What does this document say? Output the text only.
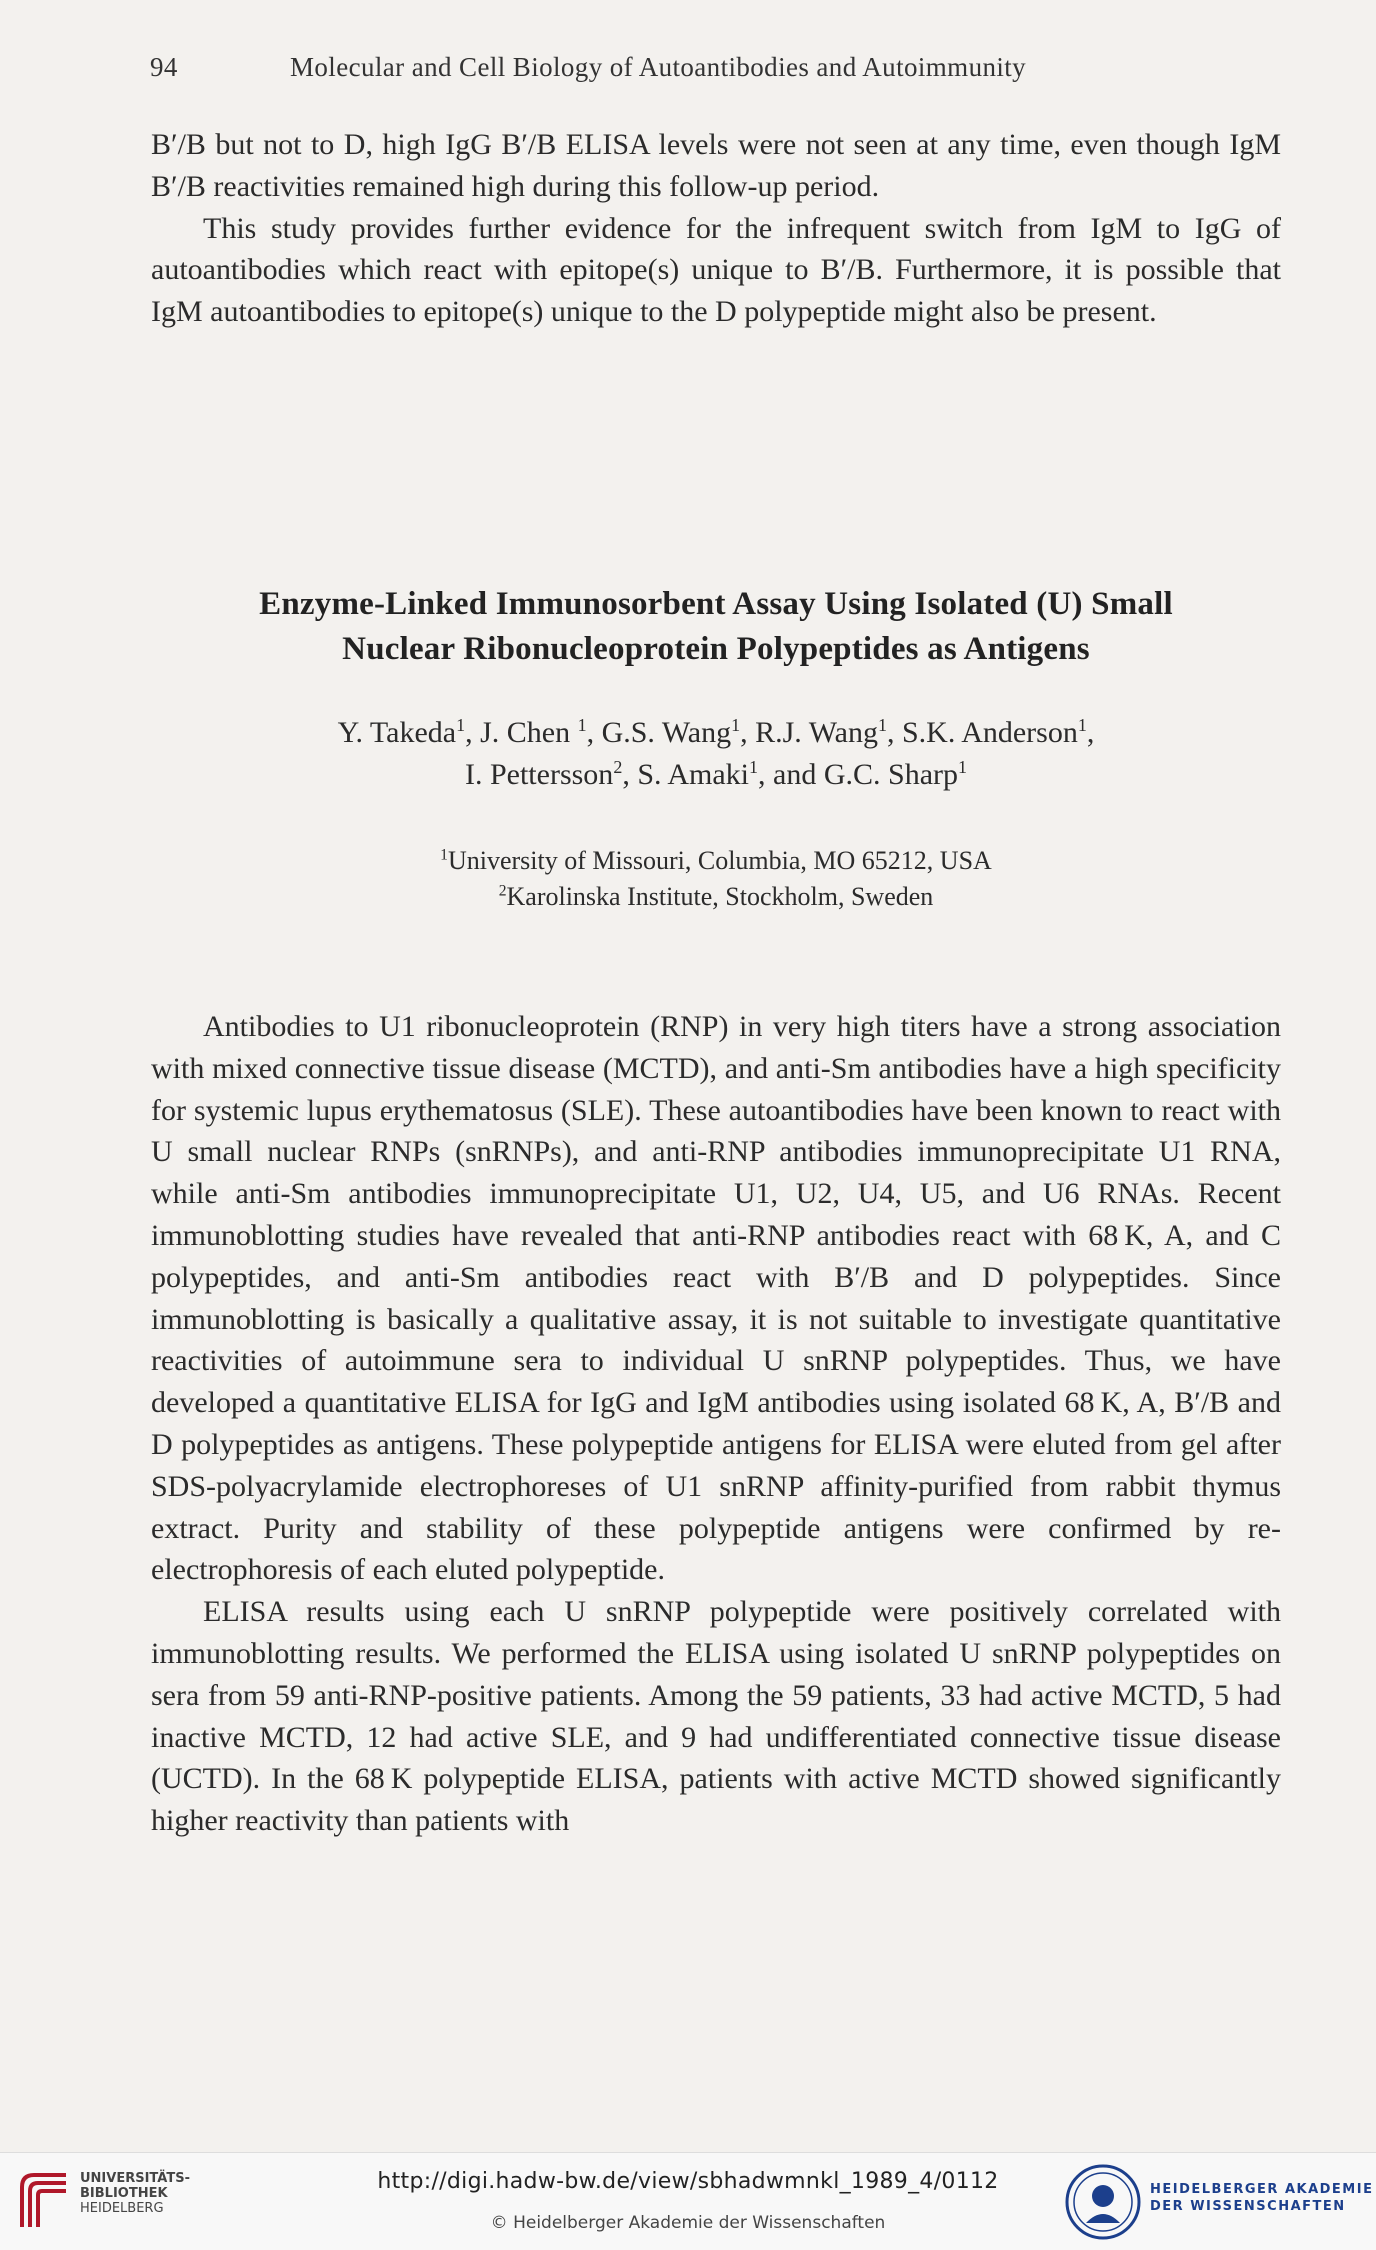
94	Molecular and Cell Biology of Autoantibodies and Autoimmunity

B′/B but not to D, high IgG B′/B ELISA levels were not seen at any time, even though IgM B′/B reactivities remained high during this follow-up period.

This study provides further evidence for the infrequent switch from IgM to IgG of autoantibodies which react with epitope(s) unique to B′/B. Furthermore, it is possible that IgM autoantibodies to epitope(s) unique to the D polypeptide might also be present.

Enzyme-Linked Immunosorbent Assay Using Isolated (U) Small
Nuclear Ribonucleoprotein Polypeptides as Antigens
Y. Takeda$^1$, J. Chen $^1$, G.S. Wang$^1$, R.J. Wang$^1$, S.K. Anderson$^1$,
I. Pettersson$^2$, S. Amaki$^1$, and G.C. Sharp$^1$
$^1$University of Missouri, Columbia, MO 65212, USA
$^2$Karolinska Institute, Stockholm, Sweden

Antibodies to U1 ribonucleoprotein (RNP) in very high titers have a strong association with mixed connective tissue disease (MCTD), and anti-Sm antibodies have a high specificity for systemic lupus erythematosus (SLE). These autoantibodies have been known to react with U small nuclear RNPs (snRNPs), and anti-RNP antibodies immunoprecipitate U1 RNA, while anti-Sm antibodies immunoprecipitate U1, U2, U4, U5, and U6 RNAs. Recent immunoblotting studies have revealed that anti-RNP antibodies react with 68 K, A, and C polypeptides, and anti-Sm antibodies react with B′/B and D polypeptides. Since immunoblotting is basically a qualitative assay, it is not suitable to investigate quantitative reactivities of autoimmune sera to individual U snRNP polypeptides. Thus, we have developed a quantitative ELISA for IgG and IgM antibodies using isolated 68 K, A, B′/B and D polypeptides as antigens. These polypeptide antigens for ELISA were eluted from gel after SDS-polyacrylamide electrophoreses of U1 snRNP affinity-purified from rabbit thymus extract. Purity and stability of these polypeptide antigens were confirmed by re-electrophoresis of each eluted polypeptide.

ELISA results using each U snRNP polypeptide were positively correlated with immunoblotting results. We performed the ELISA using isolated U snRNP polypeptides on sera from 59 anti-RNP-positive patients. Among the 59 patients, 33 had active MCTD, 5 had inactive MCTD, 12 had active SLE, and 9 had undifferentiated connective tissue disease (UCTD). In the 68 K polypeptide ELISA, patients with active MCTD showed significantly higher reactivity than patients with

UNIVERSITÄTS-
BIBLIOTHEK
HEIDELBERG
http://digi.hadw-bw.de/view/sbhadwmnkl_1989_4/0112
© Heidelberger Akademie der Wissenschaften
HEIDELBERGER AKADEMIE
DER WISSENSCHAFTEN
